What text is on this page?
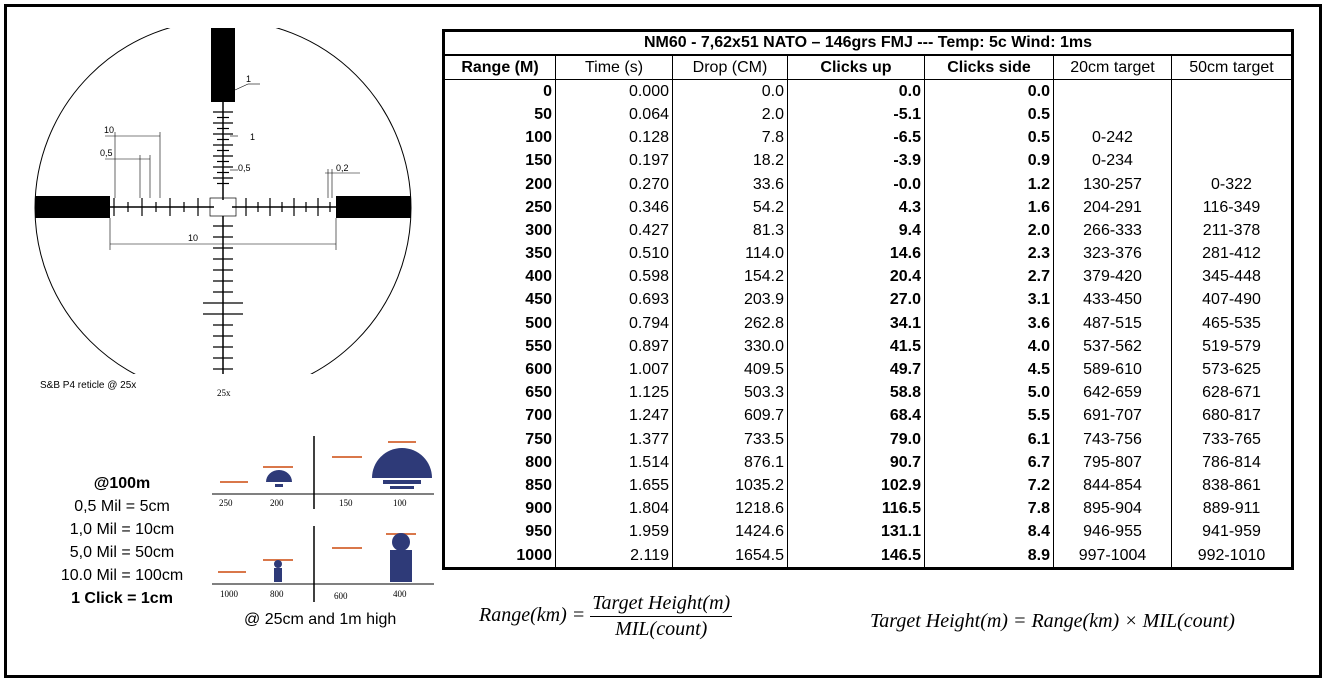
1
10
1
0,5
0,5	0,2
10
S&B P4 reticle @ 25x
25x
@100m
0,5 Mil = 5cm
1,0 Mil = 10cm
5,0 Mil = 50cm
10.0 Mil = 100cm
1 Click = 1cm
250	200	150	100
1000	800	600	400
@ 25cm and 1m high
NM60 - 7,62x51 NATO – 146grs FMJ --- Temp: 5c Wind: 1ms						
Range (M)	Time (s)	Drop (CM)	Clicks up	Clicks side	20cm target	50cm target
0	0.000	0.0	0.0	0.0		
50	0.064	2.0	-5.1	0.5		
100	0.128	7.8	-6.5	0.5	0-242	
150	0.197	18.2	-3.9	0.9	0-234	
200	0.270	33.6	-0.0	1.2	130-257	0-322
250	0.346	54.2	4.3	1.6	204-291	116-349
300	0.427	81.3	9.4	2.0	266-333	211-378
350	0.510	114.0	14.6	2.3	323-376	281-412
400	0.598	154.2	20.4	2.7	379-420	345-448
450	0.693	203.9	27.0	3.1	433-450	407-490
500	0.794	262.8	34.1	3.6	487-515	465-535
550	0.897	330.0	41.5	4.0	537-562	519-579
600	1.007	409.5	49.7	4.5	589-610	573-625
650	1.125	503.3	58.8	5.0	642-659	628-671
700	1.247	609.7	68.4	5.5	691-707	680-817
750	1.377	733.5	79.0	6.1	743-756	733-765
800	1.514	876.1	90.7	6.7	795-807	786-814
850	1.655	1035.2	102.9	7.2	844-854	838-861
900	1.804	1218.6	116.5	7.8	895-904	889-911
950	1.959	1424.6	131.1	8.4	946-955	941-959
1000	2.119	1654.5	146.5	8.9	997-1004	992-1010
Range(km) = $\frac{\text{Target Height(m)}}{\text{MIL(count)}}$	Target Height(m) = Range(km) × MIL(count)
